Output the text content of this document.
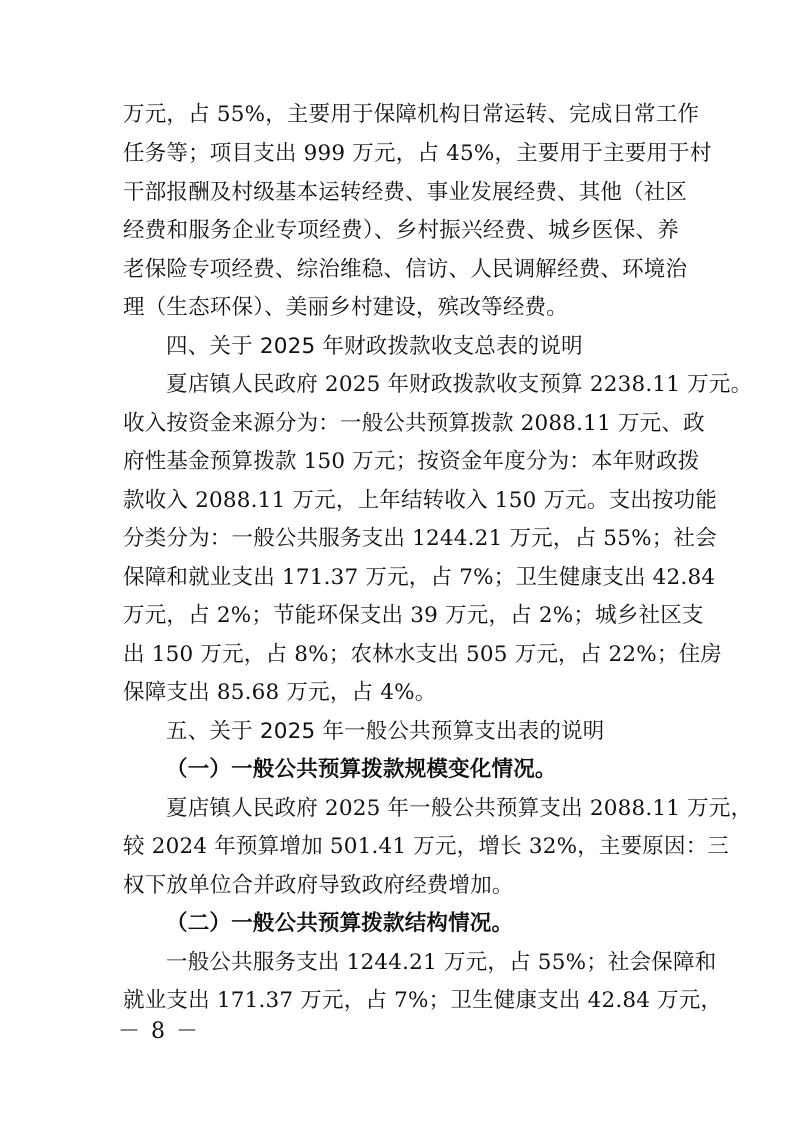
万元，占 55%，主要用于保障机构日常运转、完成日常工作
任务等；项目支出 999 万元，占 45%，主要用于主要用于村
干部报酬及村级基本运转经费、事业发展经费、其他（社区
经费和服务企业专项经费）、乡村振兴经费、城乡医保、养
老保险专项经费、综治维稳、信访、人民调解经费、环境治
理（生态环保）、美丽乡村建设，殡改等经费。
四、关于 2025 年财政拨款收支总表的说明
夏店镇人民政府 2025 年财政拨款收支预算 2238.11 万元。
收入按资金来源分为：一般公共预算拨款 2088.11 万元、政
府性基金预算拨款 150 万元；按资金年度分为：本年财政拨
款收入 2088.11 万元，上年结转收入 150 万元。支出按功能
分类分为：一般公共服务支出 1244.21 万元，占 55%；社会
保障和就业支出 171.37 万元，占 7%；卫生健康支出 42.84
万元，占 2%；节能环保支出 39 万元，占 2%；城乡社区支
出 150 万元，占 8%；农林水支出 505 万元，占 22%；住房
保障支出 85.68 万元，占 4%。
五、关于 2025 年一般公共预算支出表的说明
（一）一般公共预算拨款规模变化情况。
夏店镇人民政府 2025 年一般公共预算支出 2088.11 万元，
较 2024 年预算增加 501.41 万元，增长 32%，主要原因：三
权下放单位合并政府导致政府经费增加。
（二）一般公共预算拨款结构情况。
一般公共服务支出 1244.21 万元，占 55%；社会保障和
就业支出 171.37 万元，占 7%；卫生健康支出 42.84 万元，
－ 8 －
